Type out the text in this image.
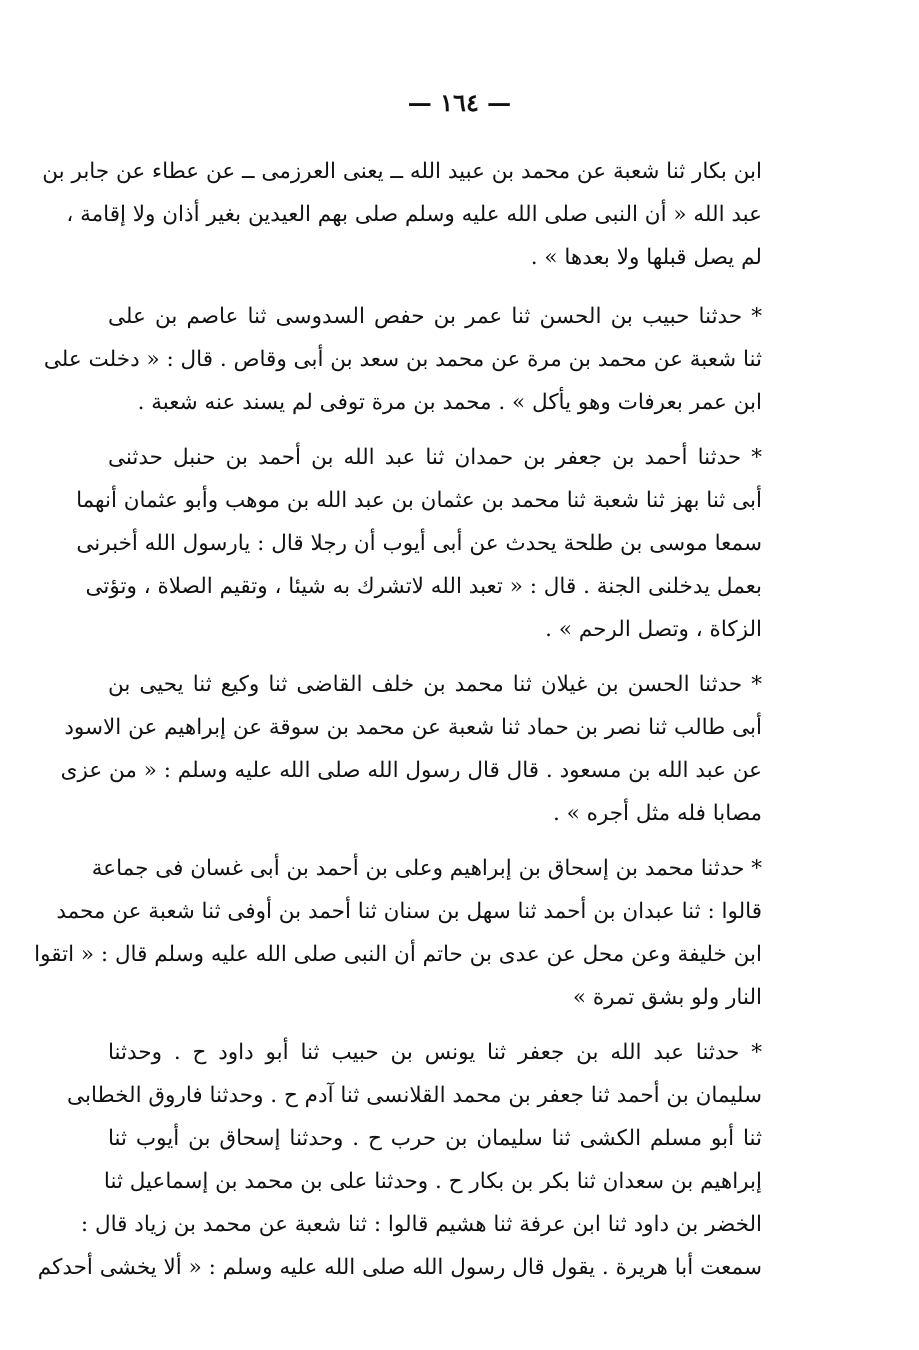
— ١٦٤ —

ابن بكار ثنا شعبة عن محمد بن عبيد الله ــ يعنى العرزمى ــ عن عطاء عن جابر بن
عبد الله « أن النبى صلى الله عليه وسلم صلى بهم العيدين بغير أذان ولا إقامة ،
لم يصل قبلها ولا بعدها » .

* حدثنا حبيب بن الحسن ثنا عمر بن حفص السدوسى ثنا عاصم بن على
ثنا شعبة عن محمد بن مرة عن محمد بن سعد بن أبى وقاص . قال : « دخلت على
ابن عمر بعرفات وهو يأكل » . محمد بن مرة توفى لم يسند عنه شعبة .

* حدثنا أحمد بن جعفر بن حمدان ثنا عبد الله بن أحمد بن حنبل حدثنى
أبى ثنا بهز ثنا شعبة ثنا محمد بن عثمان بن عبد الله بن موهب وأبو عثمان أنهما
سمعا موسى بن طلحة يحدث عن أبى أيوب أن رجلا قال : يارسول الله أخبرنى
بعمل يدخلنى الجنة . قال : « تعبد الله لاتشرك به شيئا ، وتقيم الصلاة ، وتؤتى
الزكاة ، وتصل الرحم » .

* حدثنا الحسن بن غيلان ثنا محمد بن خلف القاضى ثنا وكيع ثنا يحيى بن
أبى طالب ثنا نصر بن حماد ثنا شعبة عن محمد بن سوقة عن إبراهيم عن الاسود
عن عبد الله بن مسعود . قال قال رسول الله صلى الله عليه وسلم : « من عزى
مصابا فله مثل أجره » .

* حدثنا محمد بن إسحاق بن إبراهيم وعلى بن أحمد بن أبى غسان فى جماعة
قالوا : ثنا عبدان بن أحمد ثنا سهل بن سنان ثنا أحمد بن أوفى ثنا شعبة عن محمد
ابن خليفة وعن محل عن عدى بن حاتم أن النبى صلى الله عليه وسلم قال : « اتقوا
النار ولو بشق تمرة »

* حدثنا عبد الله بن جعفر ثنا يونس بن حبيب ثنا أبو داود ح . وحدثنا
سليمان بن أحمد ثنا جعفر بن محمد القلانسى ثنا آدم ح . وحدثنا فاروق الخطابى
ثنا أبو مسلم الكشى ثنا سليمان بن حرب ح . وحدثنا إسحاق بن أيوب ثنا
إبراهيم بن سعدان ثنا بكر بن بكار ح . وحدثنا على بن محمد بن إسماعيل ثنا
الخضر بن داود ثنا ابن عرفة ثنا هشيم قالوا : ثنا شعبة عن محمد بن زياد قال :
سمعت أبا هريرة . يقول قال رسول الله صلى الله عليه وسلم : « ألا يخشى أحدكم
